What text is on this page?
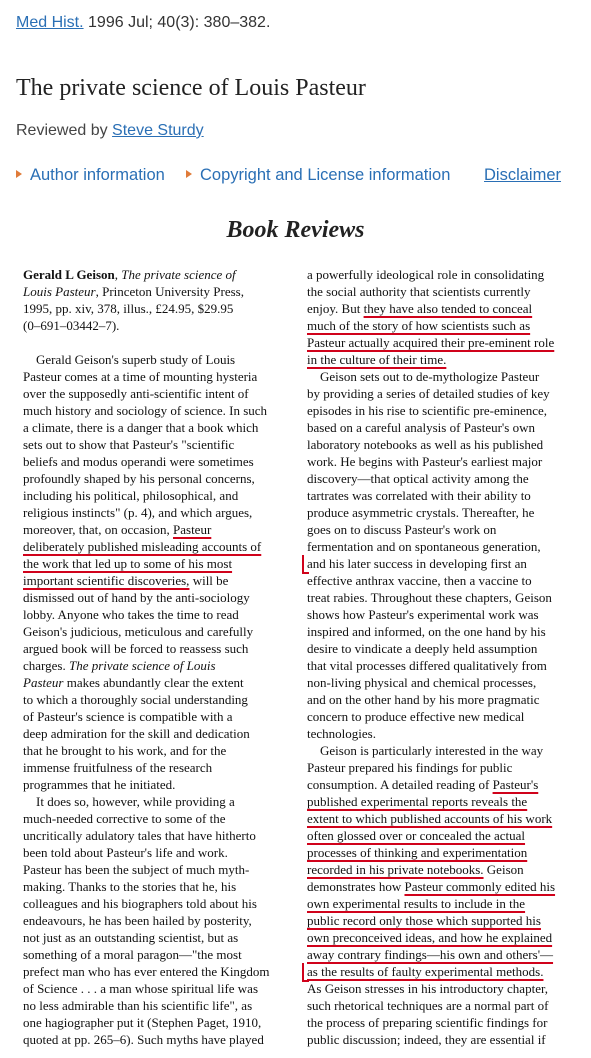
Med Hist. 1996 Jul; 40(3): 380–382.
The private science of Louis Pasteur
Reviewed by Steve Sturdy
Author information	Copyright and License information Disclaimer
Book Reviews
Gerald L Geison, The private science of
Louis Pasteur, Princeton University Press,
1995, pp. xiv, 378, illus., £24.95, $29.95
(0–691–03442–7).
Gerald Geison's superb study of Louis
Pasteur comes at a time of mounting hysteria
over the supposedly anti-scientific intent of
much history and sociology of science. In such
a climate, there is a danger that a book which
sets out to show that Pasteur's "scientific
beliefs and modus operandi were sometimes
profoundly shaped by his personal concerns,
including his political, philosophical, and
religious instincts" (p. 4), and which argues,
moreover, that, on occasion, Pasteur
deliberately published misleading accounts of
the work that led up to some of his most
important scientific discoveries, will be
dismissed out of hand by the anti-sociology
lobby. Anyone who takes the time to read
Geison's judicious, meticulous and carefully
argued book will be forced to reassess such
charges. The private science of Louis
Pasteur makes abundantly clear the extent
to which a thoroughly social understanding
of Pasteur's science is compatible with a
deep admiration for the skill and dedication
that he brought to his work, and for the
immense fruitfulness of the research
programmes that he initiated.
It does so, however, while providing a
much-needed corrective to some of the
uncritically adulatory tales that have hitherto
been told about Pasteur's life and work.
Pasteur has been the subject of much myth-
making. Thanks to the stories that he, his
colleagues and his biographers told about his
endeavours, he has been hailed by posterity,
not just as an outstanding scientist, but as
something of a moral paragon—"the most
prefect man who has ever entered the Kingdom
of Science . . . a man whose spiritual life was
no less admirable than his scientific life", as
one hagiographer put it (Stephen Paget, 1910,
quoted at pp. 265–6). Such myths have played
a powerfully ideological role in consolidating
the social authority that scientists currently
enjoy. But they have also tended to conceal
much of the story of how scientists such as
Pasteur actually acquired their pre-eminent role
in the culture of their time.
Geison sets out to de-mythologize Pasteur
by providing a series of detailed studies of key
episodes in his rise to scientific pre-eminence,
based on a careful analysis of Pasteur's own
laboratory notebooks as well as his published
work. He begins with Pasteur's earliest major
discovery—that optical activity among the
tartrates was correlated with their ability to
produce asymmetric crystals. Thereafter, he
goes on to discuss Pasteur's work on
fermentation and on spontaneous generation,
and his later success in developing first an
effective anthrax vaccine, then a vaccine to
treat rabies. Throughout these chapters, Geison
shows how Pasteur's experimental work was
inspired and informed, on the one hand by his
desire to vindicate a deeply held assumption
that vital processes differed qualitatively from
non-living physical and chemical processes,
and on the other hand by his more pragmatic
concern to produce effective new medical
technologies.
Geison is particularly interested in the way
Pasteur prepared his findings for public
consumption. A detailed reading of Pasteur's
published experimental reports reveals the
extent to which published accounts of his work
often glossed over or concealed the actual
processes of thinking and experimentation
recorded in his private notebooks. Geison
demonstrates how Pasteur commonly edited his
own experimental results to include in the
public record only those which supported his
own preconceived ideas, and how he explained
away contrary findings—his own and others'—
as the results of faulty experimental methods.
As Geison stresses in his introductory chapter,
such rhetorical techniques are a normal part of
the process of preparing scientific findings for
public discussion; indeed, they are essential if
